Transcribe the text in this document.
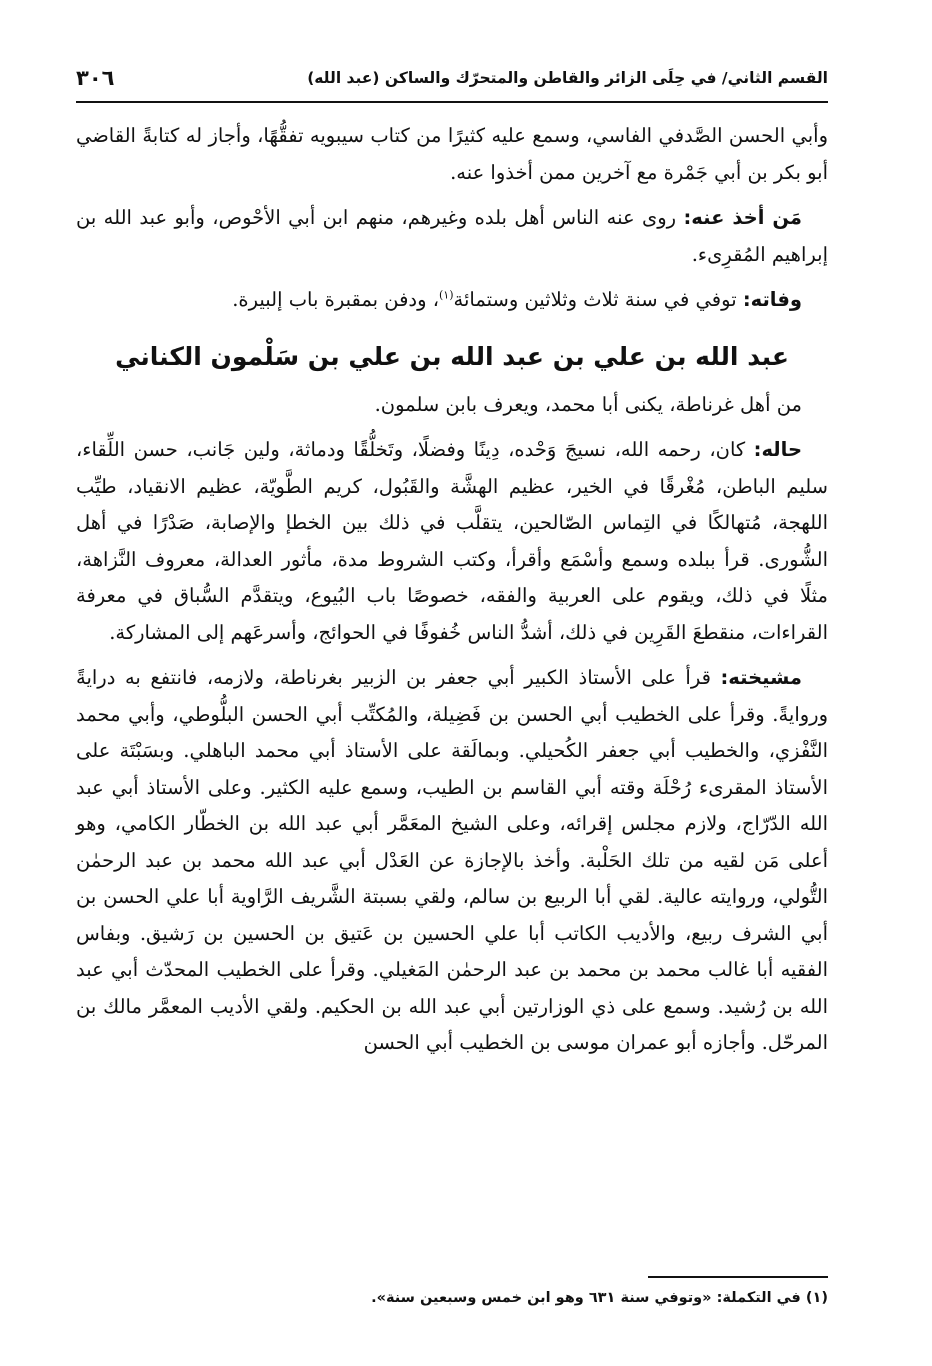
٣٠٦	القسم الثاني/ في حِلَى الزائر والقاطن والمتحرّك والساكن (عبد الله)

وأبي الحسن الصَّدفي الفاسي، وسمع عليه كثيرًا من كتاب سيبويه تفقُّهًا، وأجاز له كتابةً القاضي أبو بكر بن أبي جَمْرة مع آخرين ممن أخذوا عنه.

مَن أخذ عنه: روى عنه الناس أهل بلده وغيرهم، منهم ابن أبي الأحْوص، وأبو عبد الله بن إبراهيم المُقرِىء.

وفاته: توفي في سنة ثلاث وثلاثين وستمائة$^{(١)}$، ودفن بمقبرة باب إلبيرة.

عبد الله بن علي بن عبد الله بن علي بن سَلْمون الكناني

من أهل غرناطة، يكنى أبا محمد، ويعرف بابن سلمون.

حاله: كان، رحمه الله، نسيجَ وَحْده، دِينًا وفضلًا، وتَخلُّقًا ودماثة، ولين جَانب، حسن اللِّقاء، سليم الباطن، مُغْرقًا في الخير، عظيم الهشَّة والقَبُول، كريم الطَّويّة، عظيم الانقياد، طيِّب اللهجة، مُتهالكًا في التِماس الصّالحين، يتقلَّب في ذلك بين الخطإ والإصابة، صَدْرًا في أهل الشُّورى. قرأ ببلده وسمع وأسْمَع وأقرأ، وكتب الشروط مدة، مأثور العدالة، معروف النَّزاهة، مثلًا في ذلك، ويقوم على العربية والفقه، خصوصًا باب البُيوع، ويتقدَّم السُّباق في معرفة القراءات، منقطعَ القَرِين في ذلك، أشدُّ الناس خُفوفًا في الحوائج، وأسرعَهم إلى المشاركة.

مشيخته: قرأ على الأستاذ الكبير أبي جعفر بن الزبير بغرناطة، ولازمه، فانتفع به درايةً وروايةً. وقرأ على الخطيب أبي الحسن بن فَضِيلة، والمُكتِّب أبي الحسن البلُّوطي، وأبي محمد النَّفْزي، والخطيب أبي جعفر الكُحيلي. وبمالَقة على الأستاذ أبي محمد الباهلي. وبسَبْتَة على الأستاذ المقرىء رُحْلَة وقته أبي القاسم بن الطيب، وسمع عليه الكثير. وعلى الأستاذ أبي عبد الله الدّرّاج، ولازم مجلس إقرائه، وعلى الشيخ المعَمَّر أبي عبد الله بن الخطّار الكامي، وهو أعلى مَن لقيه من تلك الحَلْبة. وأخذ بالإجازة عن العَدْل أبي عبد الله محمد بن عبد الرحمٰن التُّولي، وروايته عالية. لقي أبا الربيع بن سالم، ولقي بسبتة الشَّريف الرَّاوية أبا علي الحسن بن أبي الشرف ربيع، والأديب الكاتب أبا علي الحسين بن عَتيق بن الحسين بن رَشيق. وبفاس الفقيه أبا غالب محمد بن محمد بن عبد الرحمٰن المَغيلي. وقرأ على الخطيب المحدّث أبي عبد الله بن رُشيد. وسمع على ذي الوزارتين أبي عبد الله بن الحكيم. ولقي الأديب المعمَّر مالك بن المرحّل. وأجازه أبو عمران موسى بن الخطيب أبي الحسن

(١) في التكملة: «وتوفي سنة ٦٣١ وهو ابن خمس وسبعين سنة».
